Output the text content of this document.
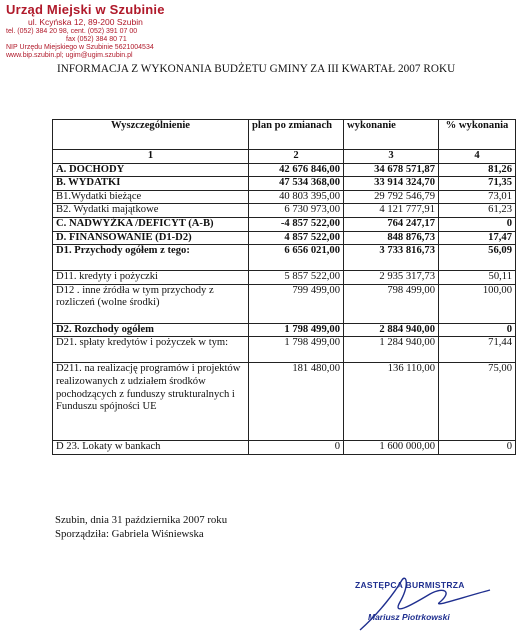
Urząd Miejski w Szubinie
ul. Kcyńska 12, 89-200 Szubin
tel. (052) 384 20 98, cent. (052) 391 07 00
fax (052) 384 80 71
NIP Urzędu Miejskiego w Szubinie 5621004534
www.bip.szubin.pl; ugim@ugim.szubin.pl
INFORMACJA Z WYKONANIA BUDŻETU GMINY ZA III KWARTAŁ 2007 ROKU
Wyszczególnienie	plan po zmianach	wykonanie	% wykonania
1	2	3	4
A. DOCHODY	42 676 846,00	34 678 571,87	81,26
B. WYDATKI	47 534 368,00	33 914 324,70	71,35
B1.Wydatki bieżące	40 803 395,00	29 792 546,79	73,01
B2. Wydatki majątkowe	6 730 973,00	4 121 777,91	61,23
C. NADWYŻKA /DEFICYT (A-B)	-4 857 522,00	764 247,17	0
D. FINANSOWANIE (D1-D2)	4 857 522,00	848 876,73	17,47
D1. Przychody ogółem z tego:	6 656 021,00	3 733 816,73	56,09
D11. kredyty i pożyczki	5 857 522,00	2 935 317,73	50,11
D12 . inne źródła w tym przychody z rozliczeń (wolne środki)	799 499,00	798 499,00	100,00
D2. Rozchody ogółem	1 798 499,00	2 884 940,00	0
D21. spłaty kredytów i pożyczek w tym:	1 798 499,00	1 284 940,00	71,44
D211. na realizację programów i projektów realizowanych z udziałem środków pochodzących z funduszy strukturalnych i Funduszu spójności UE	181 480,00	136 110,00	75,00
D 23. Lokaty w bankach	0	1 600 000,00	0
Szubin, dnia 31 października 2007 roku
Sporządziła: Gabriela Wiśniewska
ZASTĘPCA BURMISTRZA
Mariusz Piotrkowski
